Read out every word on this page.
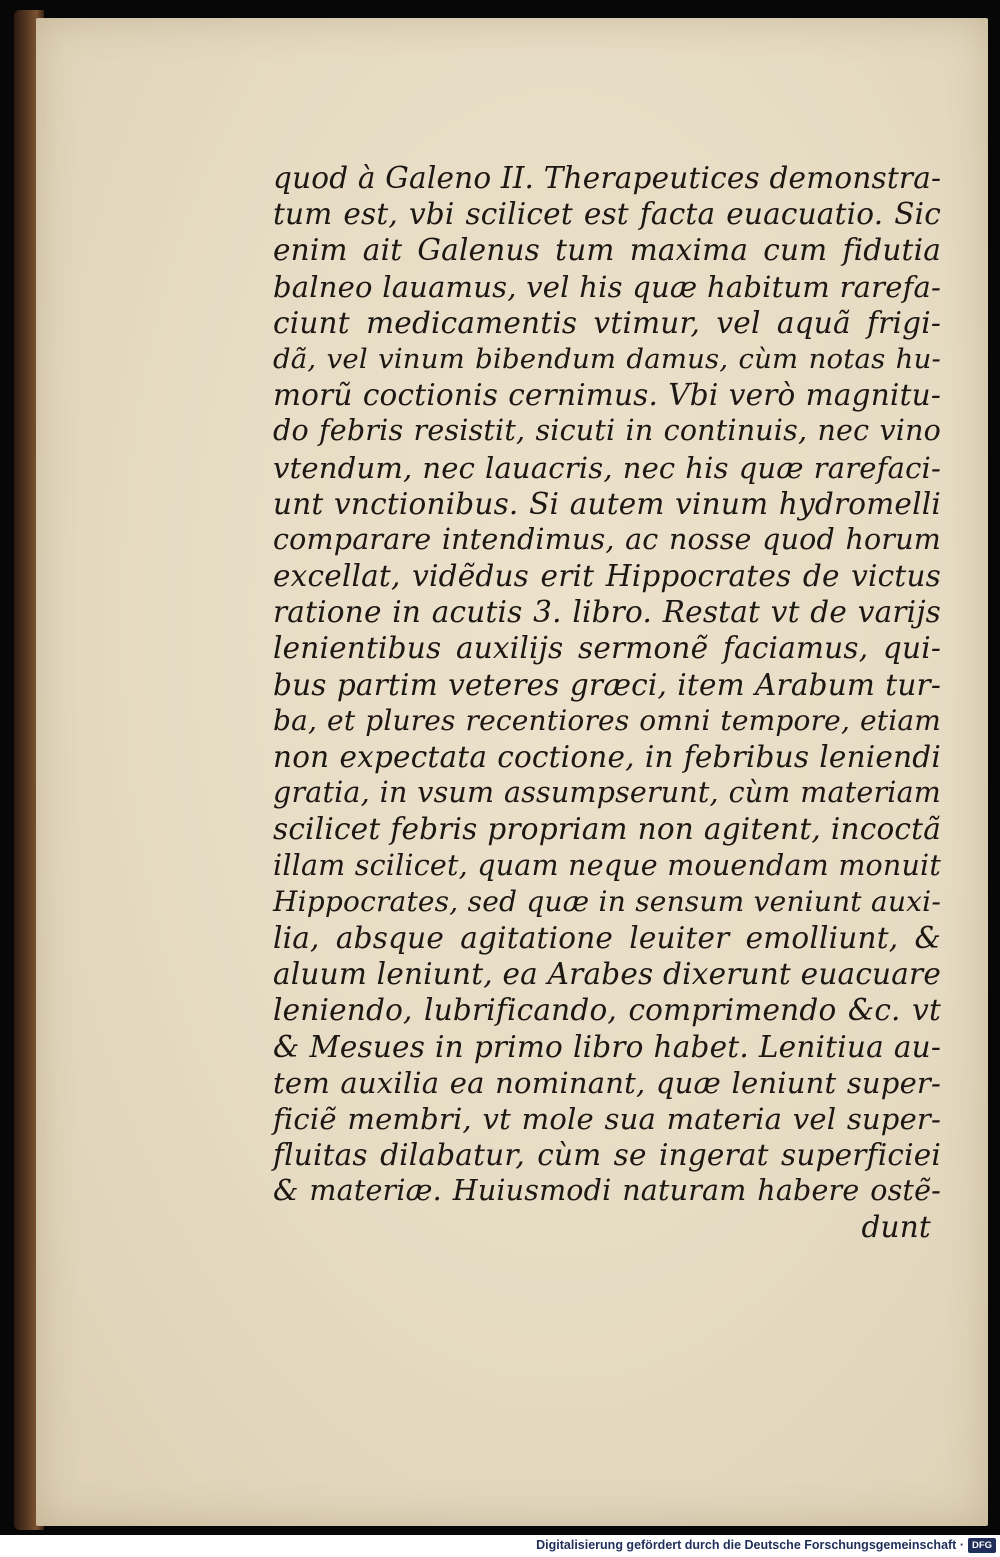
quod à Galeno II. Therapeutices demonstra-
tum est, vbi scilicet est facta euacuatio. Sic
enim ait Galenus tum maxima cum fidutia
balneo lauamus, vel his quæ habitum rarefa-
ciunt medicamentis vtimur, vel aquã frigi-
dã, vel vinum bibendum damus, cùm notas hu-
morũ coctionis cernimus. Vbi verò magnitu-
do febris resistit, sicuti in continuis, nec vino
vtendum, nec lauacris, nec his quæ rarefaci-
unt vnctionibus. Si autem vinum hydromelli
comparare intendimus, ac nosse quod horum
excellat, vidẽdus erit Hippocrates de victus
ratione in acutis 3. libro. Restat vt de varijs
lenientibus auxilijs sermonẽ faciamus, qui-
bus partim veteres græci, item Arabum tur-
ba, et plures recentiores omni tempore, etiam
non expectata coctione, in febribus leniendi
gratia, in vsum assumpserunt, cùm materiam
scilicet febris propriam non agitent, incoctã
illam scilicet, quam neque mouendam monuit
Hippocrates, sed quæ in sensum veniunt auxi-
lia, absque agitatione leuiter emolliunt, &
aluum leniunt, ea Arabes dixerunt euacuare
leniendo, lubrificando, comprimendo &c. vt
& Mesues in primo libro habet. Lenitiua au-
tem auxilia ea nominant, quæ leniunt super-
ficiẽ membri, vt mole sua materia vel super-
fluitas dilabatur, cùm se ingerat superficiei
& materiæ. Huiusmodi naturam habere ostẽ-
dunt
Digitalisierung gefördert durch die Deutsche Forschungsgemeinschaft · DFG
